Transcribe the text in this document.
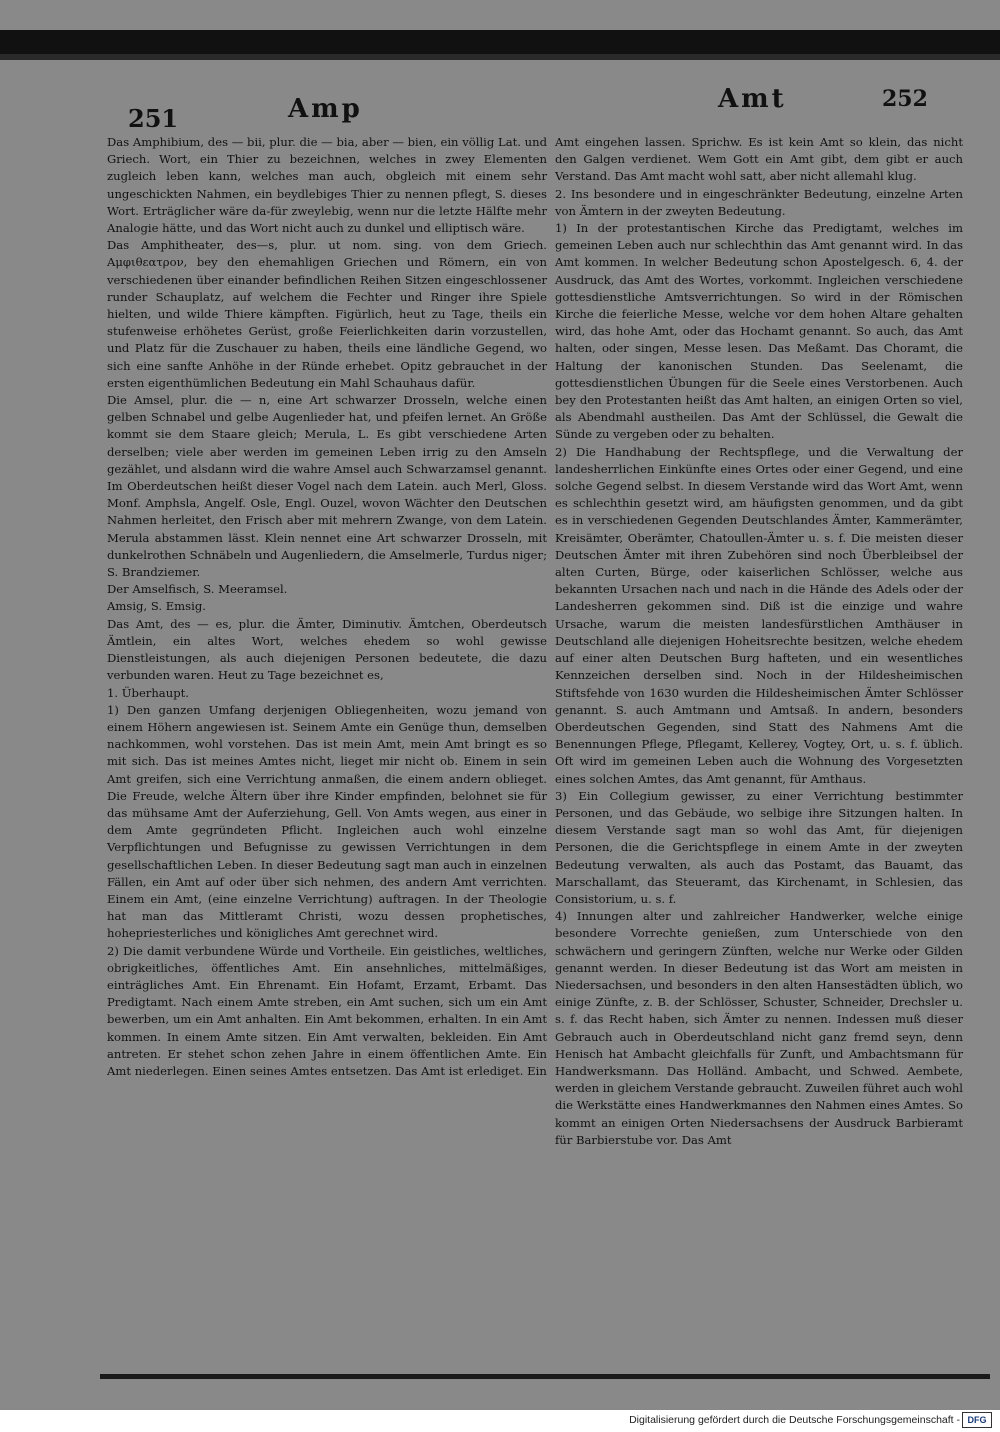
251	Amp	Amt	252
Das Amphibium, des — bii, plur. die — bia, aber — bien, ein völlig Lat. und Griech. Wort, ein Thier zu bezeichnen, welches in zwey Elementen zugleich leben kann, welches man auch, obgleich mit einem sehr ungeschickten Nahmen, ein beydlebiges Thier zu nennen pflegt, S. dieses Wort. Erträglicher wäre da-für zweylebig, wenn nur die letzte Hälfte mehr Analogie hätte, und das Wort nicht auch zu dunkel und elliptisch wäre.
Das Amphitheater, des—s, plur. ut nom. sing. von dem Griech. Αμφιθεατρον, bey den ehemahligen Griechen und Römern, ein von verschiedenen über einander befindlichen Reihen Sitzen eingeschlossener runder Schauplatz, auf welchem die Fechter und Ringer ihre Spiele hielten, und wilde Thiere kämpften. Figürlich, heut zu Tage, theils ein stufenweise erhöhetes Gerüst, große Feierlichkeiten darin vorzustellen, und Platz für die Zuschauer zu haben, theils eine ländliche Gegend, wo sich eine sanfte Anhöhe in der Ründe erhebet. Opitz gebrauchet in der ersten eigenthümlichen Bedeutung ein Mahl Schauhaus dafür.
Die Amsel, plur. die — n, eine Art schwarzer Drosseln, welche einen gelben Schnabel und gelbe Augenlieder hat, und pfeifen lernet. An Größe kommt sie dem Staare gleich; Merula, L. Es gibt verschiedene Arten derselben; viele aber werden im gemeinen Leben irrig zu den Amseln gezählet, und alsdann wird die wahre Amsel auch Schwarzamsel genannt. Im Oberdeutschen heißt dieser Vogel nach dem Latein. auch Merl, Gloss. Monf. Amphsla, Angelf. Osle, Engl. Ouzel, wovon Wächter den Deutschen Nahmen herleitet, den Frisch aber mit mehrern Zwange, von dem Latein. Merula abstammen lässt. Klein nennet eine Art schwarzer Drosseln, mit dunkelrothen Schnäbeln und Augenliedern, die Amselmerle, Turdus niger; S. Brandziemer.
Der Amselfisch, S. Meeramsel.
Amsig, S. Emsig.
Das Amt, des — es, plur. die Ämter, Diminutiv. Ämtchen, Oberdeutsch Ämtlein, ein altes Wort, welches ehedem so wohl gewisse Dienstleistungen, als auch diejenigen Personen bedeutete, die dazu verbunden waren. Heut zu Tage bezeichnet es,
1. Überhaupt.
1) Den ganzen Umfang derjenigen Obliegenheiten, wozu jemand von einem Höhern angewiesen ist. Seinem Amte ein Genüge thun, demselben nachkommen, wohl vorstehen. Das ist mein Amt, mein Amt bringt es so mit sich. Das ist meines Amtes nicht, lieget mir nicht ob. Einem in sein Amt greifen, sich eine Verrichtung anmaßen, die einem andern oblieget. Die Freude, welche Ältern über ihre Kinder empfinden, belohnet sie für das mühsame Amt der Auferziehung, Gell. Von Amts wegen, aus einer in dem Amte gegründeten Pflicht. Ingleichen auch wohl einzelne Verpflichtungen und Befugnisse zu gewissen Verrichtungen in dem gesellschaftlichen Leben. In dieser Bedeutung sagt man auch in einzelnen Fällen, ein Amt auf oder über sich nehmen, des andern Amt verrichten. Einem ein Amt, (eine einzelne Verrichtung) auftragen. In der Theologie hat man das Mittleramt Christi, wozu dessen prophetisches, hohepriesterliches und königliches Amt gerechnet wird.
2) Die damit verbundene Würde und Vortheile. Ein geistliches, weltliches, obrigkeitliches, öffentliches Amt. Ein ansehnliches, mittelmäßiges, einträgliches Amt. Ein Ehrenamt. Ein Hofamt, Erzamt, Erbamt. Das Predigtamt. Nach einem Amte streben, ein Amt suchen, sich um ein Amt bewerben, um ein Amt anhalten. Ein Amt bekommen, erhalten. In ein Amt kommen. In einem Amte sitzen. Ein Amt verwalten, bekleiden. Ein Amt antreten. Er stehet schon zehen Jahre in einem öffentlichen Amte. Ein Amt niederlegen. Einen seines Amtes entsetzen. Das Amt ist erlediget. Ein
Amt eingehen lassen. Sprichw. Es ist kein Amt so klein, das nicht den Galgen verdienet. Wem Gott ein Amt gibt, dem gibt er auch Verstand. Das Amt macht wohl satt, aber nicht allemahl klug.
2. Ins besondere und in eingeschränkter Bedeutung, einzelne Arten von Ämtern in der zweyten Bedeutung.
1) In der protestantischen Kirche das Predigtamt, welches im gemeinen Leben auch nur schlechthin das Amt genannt wird. In das Amt kommen. In welcher Bedeutung schon Apostelgesch. 6, 4. der Ausdruck, das Amt des Wortes, vorkommt. Ingleichen verschiedene gottesdienstliche Amtsverrichtungen. So wird in der Römischen Kirche die feierliche Messe, welche vor dem hohen Altare gehalten wird, das hohe Amt, oder das Hochamt genannt. So auch, das Amt halten, oder singen, Messe lesen. Das Meßamt. Das Choramt, die Haltung der kanonischen Stunden. Das Seelenamt, die gottesdienstlichen Übungen für die Seele eines Verstorbenen. Auch bey den Protestanten heißt das Amt halten, an einigen Orten so viel, als Abendmahl austheilen. Das Amt der Schlüssel, die Gewalt die Sünde zu vergeben oder zu behalten.
2) Die Handhabung der Rechtspflege, und die Verwaltung der landesherrlichen Einkünfte eines Ortes oder einer Gegend, und eine solche Gegend selbst. In diesem Verstande wird das Wort Amt, wenn es schlechthin gesetzt wird, am häufigsten genommen, und da gibt es in verschiedenen Gegenden Deutschlandes Ämter, Kammerämter, Kreisämter, Oberämter, Chatoullen-Ämter u. s. f. Die meisten dieser Deutschen Ämter mit ihren Zubehören sind noch Überbleibsel der alten Curten, Bürge, oder kaiserlichen Schlösser, welche aus bekannten Ursachen nach und nach in die Hände des Adels oder der Landesherren gekommen sind. Diß ist die einzige und wahre Ursache, warum die meisten landesfürstlichen Amthäuser in Deutschland alle diejenigen Hoheitsrechte besitzen, welche ehedem auf einer alten Deutschen Burg hafteten, und ein wesentliches Kennzeichen derselben sind. Noch in der Hildesheimischen Stiftsfehde von 1630 wurden die Hildesheimischen Ämter Schlösser genannt. S. auch Amtmann und Amtsaß. In andern, besonders Oberdeutschen Gegenden, sind Statt des Nahmens Amt die Benennungen Pflege, Pflegamt, Kellerey, Vogtey, Ort, u. s. f. üblich. Oft wird im gemeinen Leben auch die Wohnung des Vorgesetzten eines solchen Amtes, das Amt genannt, für Amthaus.
3) Ein Collegium gewisser, zu einer Verrichtung bestimmter Personen, und das Gebäude, wo selbige ihre Sitzungen halten. In diesem Verstande sagt man so wohl das Amt, für diejenigen Personen, die die Gerichtspflege in einem Amte in der zweyten Bedeutung verwalten, als auch das Postamt, das Bauamt, das Marschallamt, das Steueramt, das Kirchenamt, in Schlesien, das Consistorium, u. s. f.
4) Innungen alter und zahlreicher Handwerker, welche einige besondere Vorrechte genießen, zum Unterschiede von den schwächern und geringern Zünften, welche nur Werke oder Gilden genannt werden. In dieser Bedeutung ist das Wort am meisten in Niedersachsen, und besonders in den alten Hansestädten üblich, wo einige Zünfte, z. B. der Schlösser, Schuster, Schneider, Drechsler u. s. f. das Recht haben, sich Ämter zu nennen. Indessen muß dieser Gebrauch auch in Oberdeutschland nicht ganz fremd seyn, denn Henisch hat Ambacht gleichfalls für Zunft, und Ambachtsmann für Handwerksmann. Das Holländ. Ambacht, und Schwed. Aembete, werden in gleichem Verstande gebraucht. Zuweilen führet auch wohl die Werkstätte eines Handwerkmannes den Nahmen eines Amtes. So kommt an einigen Orten Niedersachsens der Ausdruck Barbieramt für Barbierstube vor. Das Amt
Digitalisierung gefördert durch die Deutsche Forschungsgemeinschaft - DFG
